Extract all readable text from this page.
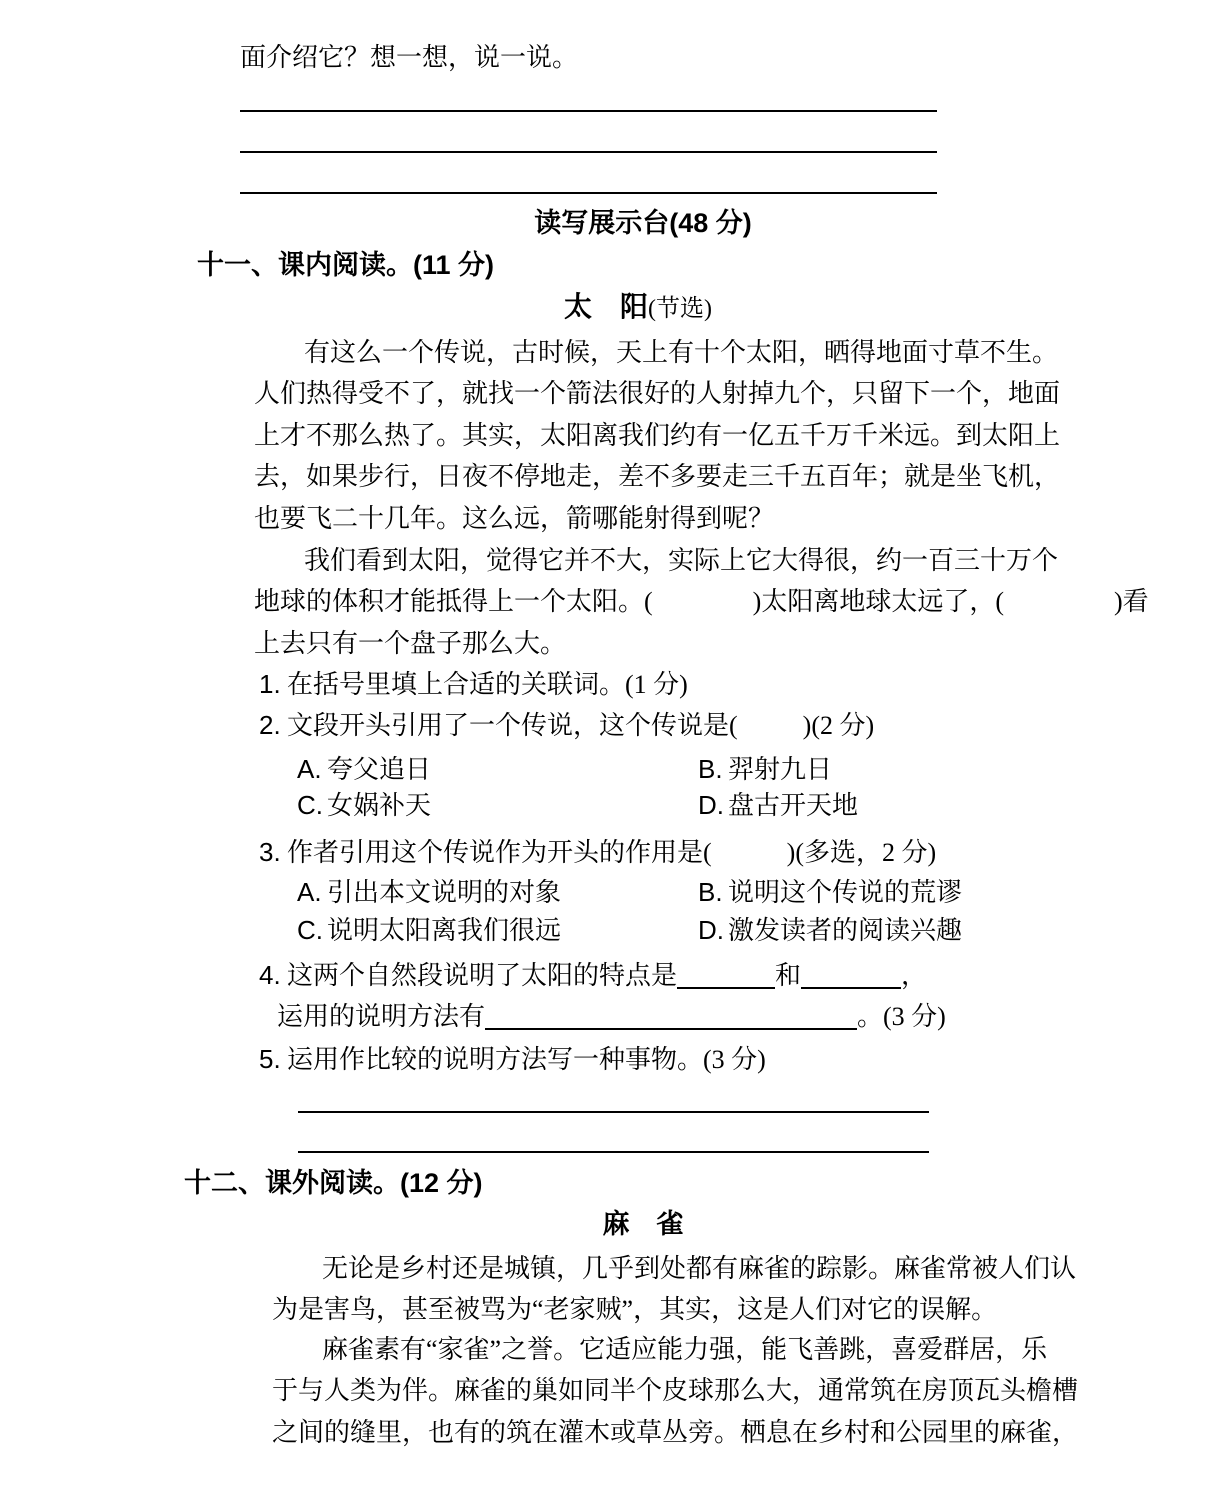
面介绍它？想一想，说一说。
读写展示台(48 分)
十一、课内阅读。(11 分)
太　阳(节选)
有这么一个传说，古时候，天上有十个太阳，晒得地面寸草不生。
人们热得受不了，就找一个箭法很好的人射掉九个，只留下一个，地面
上才不那么热了。其实，太阳离我们约有一亿五千万千米远。到太阳上
去，如果步行，日夜不停地走，差不多要走三千五百年；就是坐飞机，
也要飞二十几年。这么远，箭哪能射得到呢？
我们看到太阳，觉得它并不大，实际上它大得很，约一百三十万个
地球的体积才能抵得上一个太阳。(	)太阳离地球太远了，(	)看
上去只有一个盘子那么大。
1. 在括号里填上合适的关联词。(1 分)
2. 文段开头引用了一个传说，这个传说是(	)(2 分)
A. 夸父追日	B. 羿射九日
C. 女娲补天	D. 盘古开天地
3. 作者引用这个传说作为开头的作用是(	)(多选，2 分)
A. 引出本文说明的对象	B. 说明这个传说的荒谬
C. 说明太阳离我们很远	D. 激发读者的阅读兴趣
4. 这两个自然段说明了太阳的特点是	和	，
运用的说明方法有	。(3 分)
5. 运用作比较的说明方法写一种事物。(3 分)
十二、课外阅读。(12 分)
麻　雀
无论是乡村还是城镇，几乎到处都有麻雀的踪影。麻雀常被人们认
为是害鸟，甚至被骂为“老家贼”，其实，这是人们对它的误解。
麻雀素有“家雀”之誉。它适应能力强，能飞善跳，喜爱群居，乐
于与人类为伴。麻雀的巢如同半个皮球那么大，通常筑在房顶瓦头檐槽
之间的缝里，也有的筑在灌木或草丛旁。栖息在乡村和公园里的麻雀，
